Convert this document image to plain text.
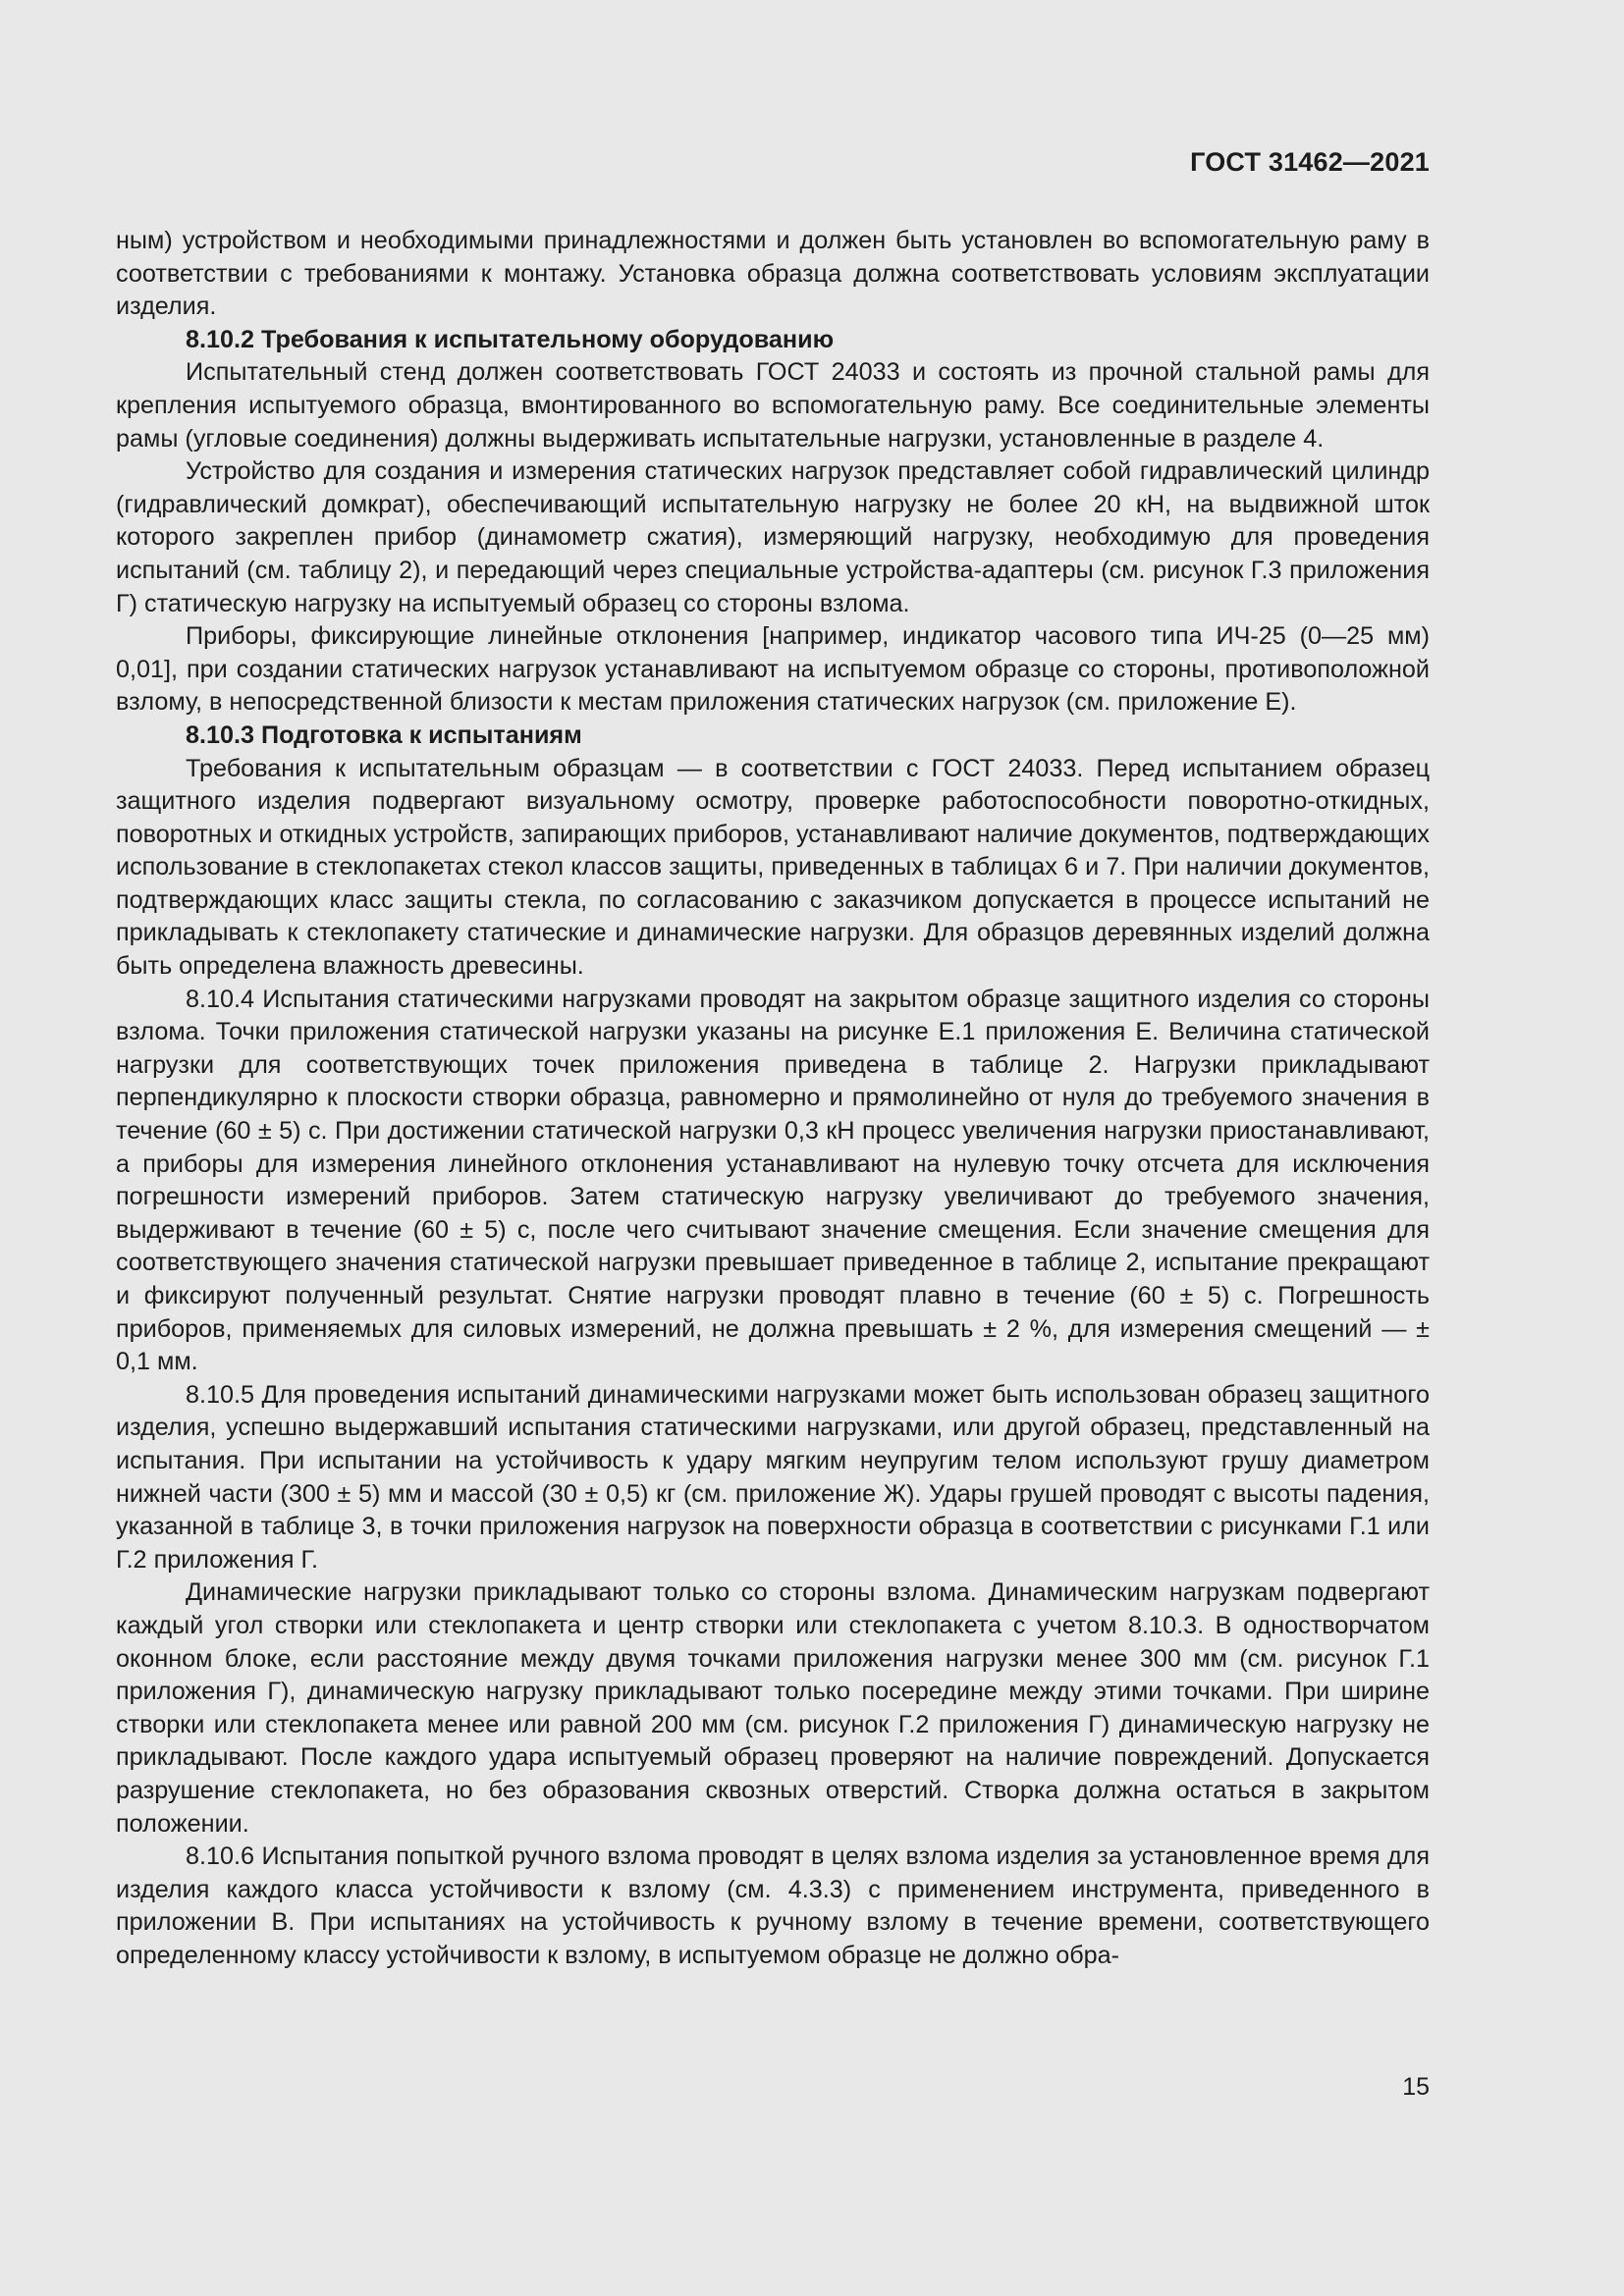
ГОСТ 31462—2021

ным) устройством и необходимыми принадлежностями и должен быть установлен во вспомогательную раму в соответствии с требованиями к монтажу. Установка образца должна соответствовать условиям эксплуатации изделия.

8.10.2 Требования к испытательному оборудованию

Испытательный стенд должен соответствовать ГОСТ 24033 и состоять из прочной стальной рамы для крепления испытуемого образца, вмонтированного во вспомогательную раму. Все соединительные элементы рамы (угловые соединения) должны выдерживать испытательные нагрузки, установленные в разделе 4.

Устройство для создания и измерения статических нагрузок представляет собой гидравлический цилиндр (гидравлический домкрат), обеспечивающий испытательную нагрузку не более 20 кН, на выдвижной шток которого закреплен прибор (динамометр сжатия), измеряющий нагрузку, необходимую для проведения испытаний (см. таблицу 2), и передающий через специальные устройства-адаптеры (см. рисунок Г.3 приложения Г) статическую нагрузку на испытуемый образец со стороны взлома.

Приборы, фиксирующие линейные отклонения [например, индикатор часового типа ИЧ-25 (0—25 мм) 0,01], при создании статических нагрузок устанавливают на испытуемом образце со стороны, противоположной взлому, в непосредственной близости к местам приложения статических нагрузок (см. приложение Е).

8.10.3 Подготовка к испытаниям

Требования к испытательным образцам — в соответствии с ГОСТ 24033. Перед испытанием образец защитного изделия подвергают визуальному осмотру, проверке работоспособности поворотно-откидных, поворотных и откидных устройств, запирающих приборов, устанавливают наличие документов, подтверждающих использование в стеклопакетах стекол классов защиты, приведенных в таблицах 6 и 7. При наличии документов, подтверждающих класс защиты стекла, по согласованию с заказчиком допускается в процессе испытаний не прикладывать к стеклопакету статические и динамические нагрузки. Для образцов деревянных изделий должна быть определена влажность древесины.

8.10.4 Испытания статическими нагрузками проводят на закрытом образце защитного изделия со стороны взлома. Точки приложения статической нагрузки указаны на рисунке Е.1 приложения Е. Величина статической нагрузки для соответствующих точек приложения приведена в таблице 2. Нагрузки прикладывают перпендикулярно к плоскости створки образца, равномерно и прямолинейно от нуля до требуемого значения в течение (60 ± 5) с. При достижении статической нагрузки 0,3 кН процесс увеличения нагрузки приостанавливают, а приборы для измерения линейного отклонения устанавливают на нулевую точку отсчета для исключения погрешности измерений приборов. Затем статическую нагрузку увеличивают до требуемого значения, выдерживают в течение (60 ± 5) с, после чего считывают значение смещения. Если значение смещения для соответствующего значения статической нагрузки превышает приведенное в таблице 2, испытание прекращают и фиксируют полученный результат. Снятие нагрузки проводят плавно в течение (60 ± 5) с. Погрешность приборов, применяемых для силовых измерений, не должна превышать ± 2 %, для измерения смещений — ± 0,1 мм.

8.10.5 Для проведения испытаний динамическими нагрузками может быть использован образец защитного изделия, успешно выдержавший испытания статическими нагрузками, или другой образец, представленный на испытания. При испытании на устойчивость к удару мягким неупругим телом используют грушу диаметром нижней части (300 ± 5) мм и массой (30 ± 0,5) кг (см. приложение Ж). Удары грушей проводят с высоты падения, указанной в таблице 3, в точки приложения нагрузок на поверхности образца в соответствии с рисунками Г.1 или Г.2 приложения Г.

Динамические нагрузки прикладывают только со стороны взлома. Динамическим нагрузкам подвергают каждый угол створки или стеклопакета и центр створки или стеклопакета с учетом 8.10.3. В одностворчатом оконном блоке, если расстояние между двумя точками приложения нагрузки менее 300 мм (см. рисунок Г.1 приложения Г), динамическую нагрузку прикладывают только посередине между этими точками. При ширине створки или стеклопакета менее или равной 200 мм (см. рисунок Г.2 приложения Г) динамическую нагрузку не прикладывают. После каждого удара испытуемый образец проверяют на наличие повреждений. Допускается разрушение стеклопакета, но без образования сквозных отверстий. Створка должна остаться в закрытом положении.

8.10.6 Испытания попыткой ручного взлома проводят в целях взлома изделия за установленное время для изделия каждого класса устойчивости к взлому (см. 4.3.3) с применением инструмента, приведенного в приложении В. При испытаниях на устойчивость к ручному взлому в течение времени, соответствующего определенному классу устойчивости к взлому, в испытуемом образце не должно обра-

15
